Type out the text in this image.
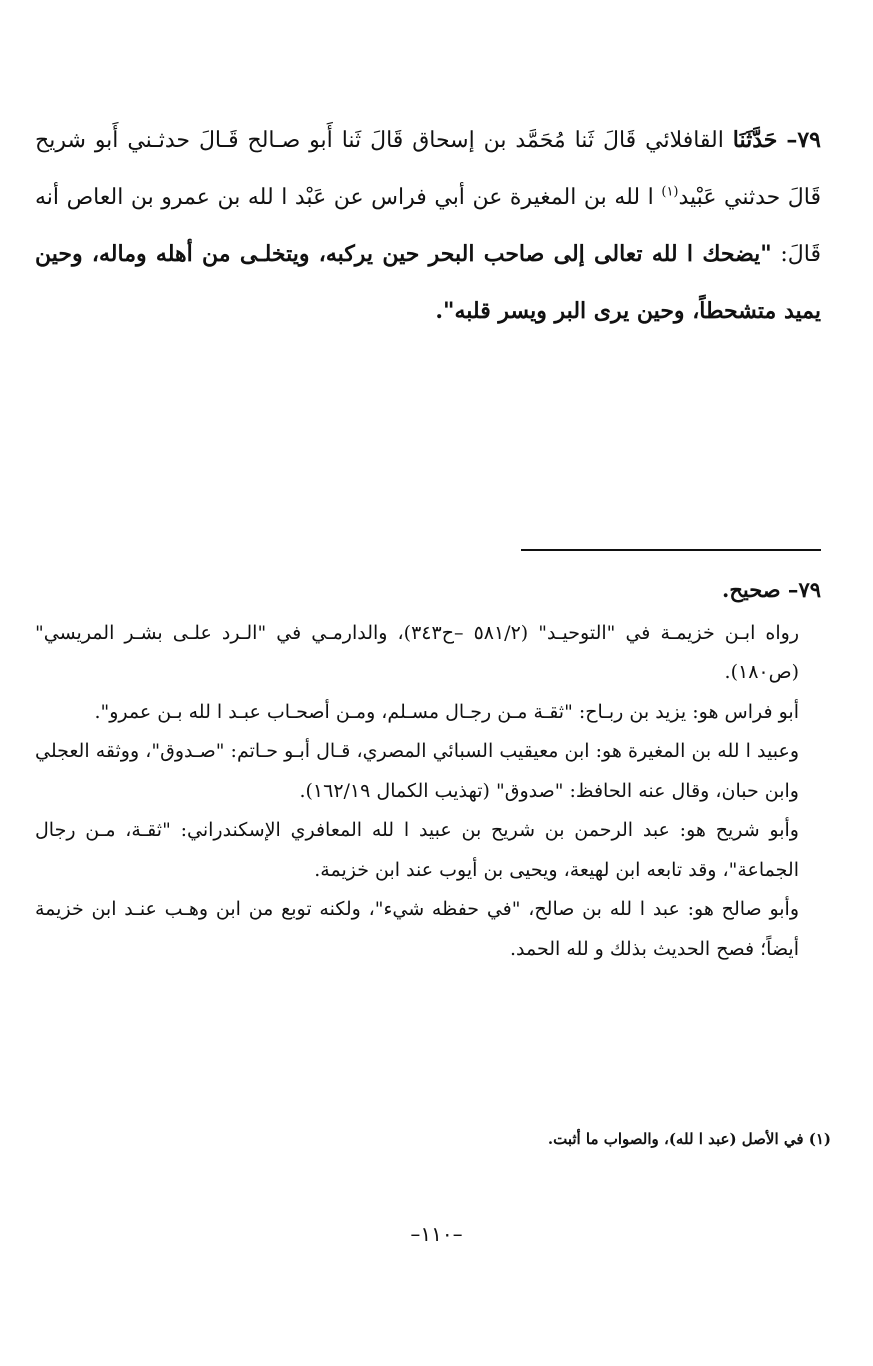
٧٩– حَدَّثَنَا القافلائي قَالَ ثَنا مُحَمَّد بن إسحاق قَالَ ثَنا أَبو صـالح قَـالَ حدثـني أَبو شريح قَالَ حدثني عَبْيد$^{(١)}$ ا لله بن المغيرة عن أبي فراس عن عَبْد ا لله بن عمرو بن العاص أنه قَالَ: "يضحك ا لله تعالى إلى صاحب البحر حين يركبه، ويتخلـى من أهله وماله، وحين يميد متشحطاً، وحين يرى البر ويسر قلبه".
٧٩– صحيح.

رواه ابـن خزيمـة في "التوحيـد" (٥٨١/٢ –ح٣٤٣)، والدارمـي في "الـرد علـى بشـر المريسي" (ص١٨٠).

أبو فراس هو: يزيد بن ربـاح: "ثقـة مـن رجـال مسـلم، ومـن أصحـاب عبـد ا لله بـن عمرو".

وعبيد ا لله بن المغيرة هو: ابن معيقيب السبائي المصري، قـال أبـو حـاتم: "صـدوق"، ووثقه العجلي وابن حبان، وقال عنه الحافظ: "صدوق" (تهذيب الكمال ١٦٢/١٩).

وأبو شريح هو: عبد الرحمن بن شريح بن عبيد ا لله المعافري الإسكندراني: "ثقـة، مـن رجال الجماعة"، وقد تابعه ابن لهيعة، ويحيى بن أيوب عند ابن خزيمة.

وأبو صالح هو: عبد ا لله بن صالح، "في حفظه شيء"، ولكنه توبع من ابن وهـب عنـد ابن خزيمة أيضاً؛ فصح الحديث بذلك و لله الحمد.

(١) في الأصل (عبد ا لله)، والصواب ما أثبت.
–١١٠–
